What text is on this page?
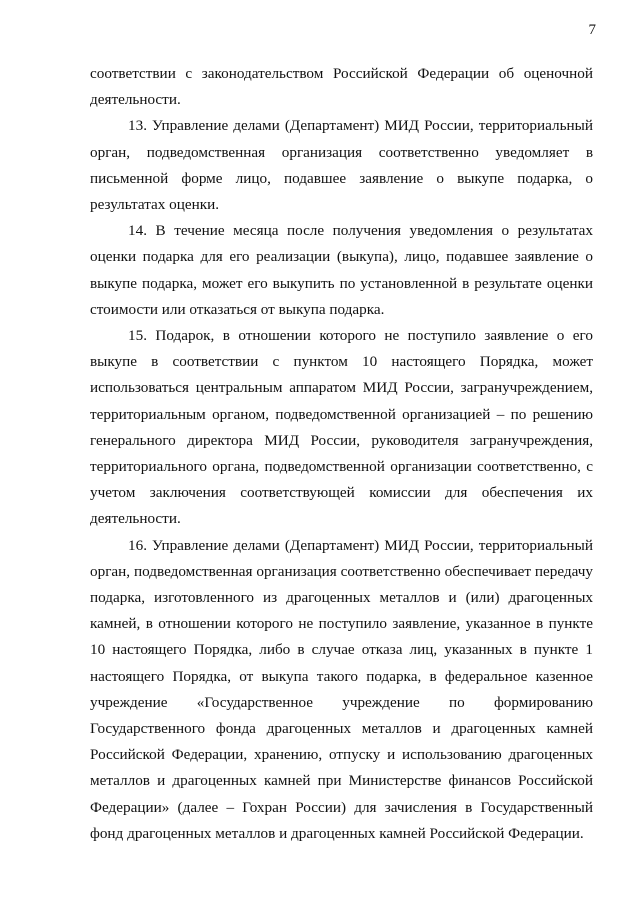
7

соответствии с законодательством Российской Федерации об оценочной деятельности.

13. Управление делами (Департамент) МИД России, территориальный орган, подведомственная организация соответственно уведомляет в письменной форме лицо, подавшее заявление о выкупе подарка, о результатах оценки.

14. В течение месяца после получения уведомления о результатах оценки подарка для его реализации (выкупа), лицо, подавшее заявление о выкупе подарка, может его выкупить по установленной в результате оценки стоимости или отказаться от выкупа подарка.

15. Подарок, в отношении которого не поступило заявление о его выкупе в соответствии с пунктом 10 настоящего Порядка, может использоваться центральным аппаратом МИД России, загранучреждением, территориальным органом, подведомственной организацией – по решению генерального директора МИД России, руководителя загранучреждения, территориального органа, подведомственной организации соответственно, с учетом заключения соответствующей комиссии для обеспечения их деятельности.

16. Управление делами (Департамент) МИД России, территориальный орган, подведомственная организация соответственно обеспечивает передачу подарка, изготовленного из драгоценных металлов и (или) драгоценных камней, в отношении которого не поступило заявление, указанное в пункте 10 настоящего Порядка, либо в случае отказа лиц, указанных в пункте 1 настоящего Порядка, от выкупа такого подарка, в федеральное казенное учреждение «Государственное учреждение по формированию Государственного фонда драгоценных металлов и драгоценных камней Российской Федерации, хранению, отпуску и использованию драгоценных металлов и драгоценных камней при Министерстве финансов Российской Федерации» (далее – Гохран России) для зачисления в Государственный фонд драгоценных металлов и драгоценных камней Российской Федерации.
